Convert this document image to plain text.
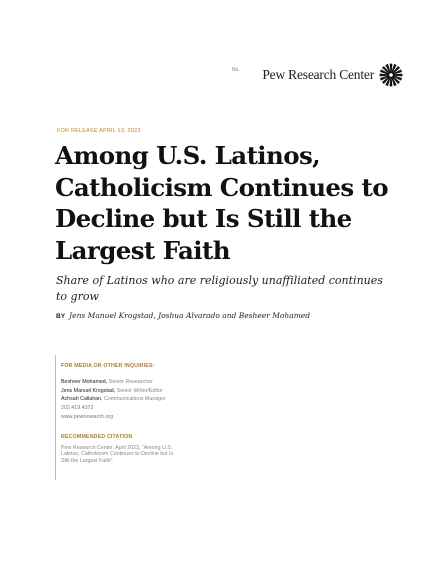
No. Pew Research Center
FOR RELEASE APRIL 13, 2023
Among U.S. Latinos, Catholicism Continues to Decline but Is Still the Largest Faith

Share of Latinos who are religiously unaffiliated continues to grow

BY Jens Manuel Krogstad, Joshua Alvarado and Besheer Mohamed
FOR MEDIA OR OTHER INQUIRIES:
Besheer Mohamed, Senior Researcher
Jens Manuel Krogstad, Senior Writer/Editor
Achsah Callahan, Communications Manager
202.419.4372
www.pewresearch.org
RECOMMENDED CITATION
Pew Research Center, April 2023, “Among U.S. Latinos, Catholicism Continues to Decline but Is Still the Largest Faith”
